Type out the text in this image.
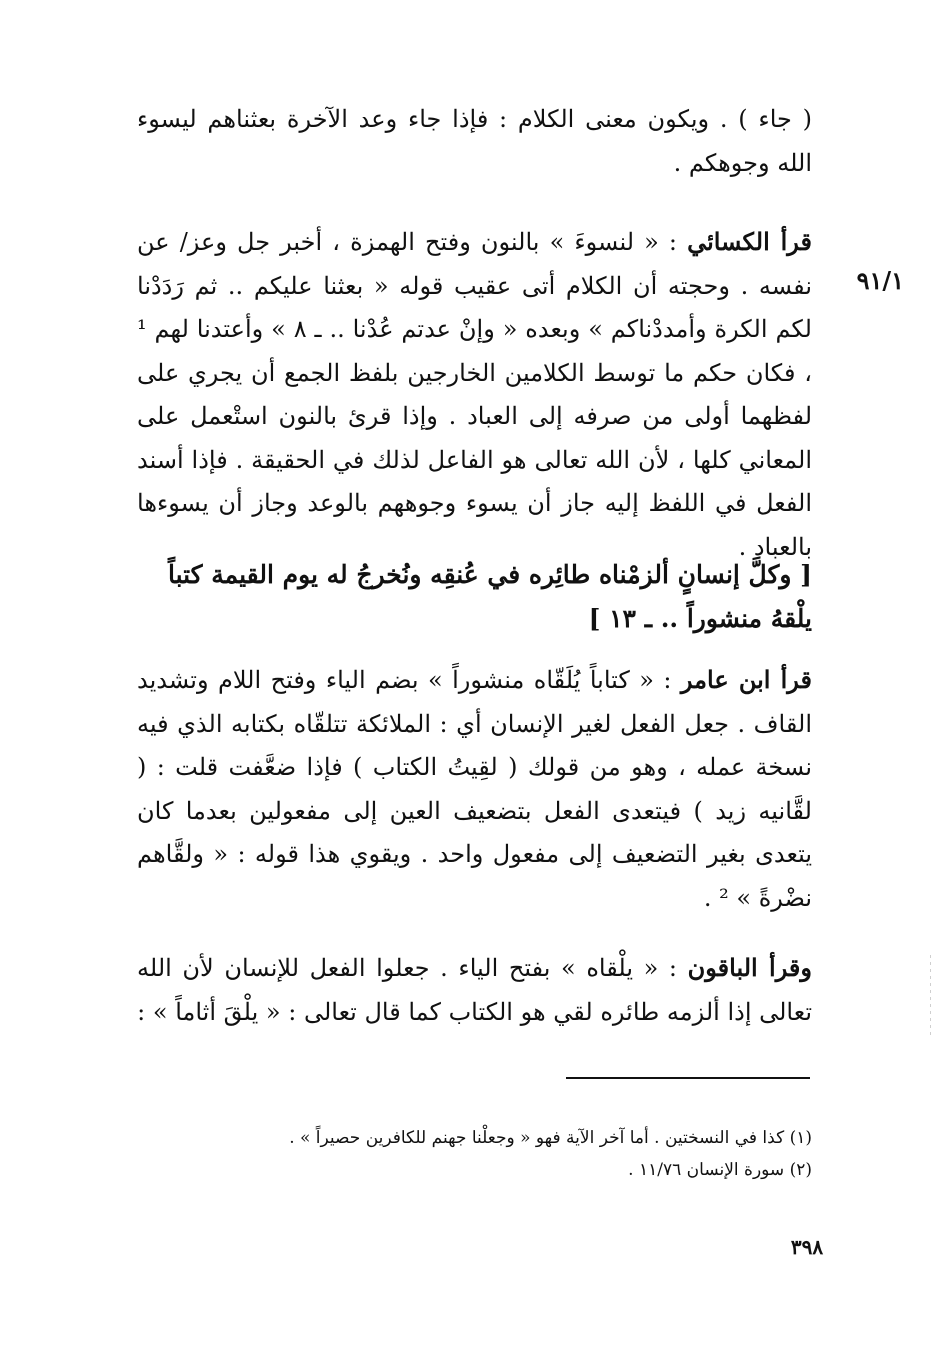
( جاء ) . ويكون معنى الكلام : فإذا جاء وعد الآخرة بعثناهم ليسوء الله وجوهكم .

٩١/١

قرأ الكسائي : « لنسوءَ » بالنون وفتح الهمزة ، أخبر جل وعز/ عن نفسه . وحجته أن الكلام أتى عقيب قوله « بعثنا عليكم .. ثم رَدَدْنا لكم الكرة وأمددْناكم » وبعده « وإنْ عدتم عُدْنا .. ـ ٨ » وأعتدنا لهم ¹ ، فكان حكم ما توسط الكلامين الخارجين بلفظ الجمع أن يجري على لفظهما أولى من صرفه إلى العباد . وإذا قرئ بالنون استْعمل على المعاني كلها ، لأن الله تعالى هو الفاعل لذلك في الحقيقة . فإذا أسند الفعل في اللفظ إليه جاز أن يسوء وجوههم بالوعد وجاز أن يسوءها بالعباد .

[ وكلَّ إنسانٍ ألزمْناه طائِره في عُنقِه ونُخرجُ له يوم القيمة كتباً يلْقهُ منشوراً .. ـ ١٣ ]

قرأ ابن عامر : « كتاباً يُلَقّاه منشوراً » بضم الياء وفتح اللام وتشديد القاف . جعل الفعل لغير الإنسان أي : الملائكة تتلقّاه بكتابه الذي فيه نسخة عمله ، وهو من قولك ( لقِيتُ الكتاب ) فإذا ضعَّفت قلت : ( لقَّانيه زيد ) فيتعدى الفعل بتضعيف العين إلى مفعولين بعدما كان يتعدى بغير التضعيف إلى مفعول واحد . ويقوي هذا قوله : « ولقَّاهم نضْرةً » ² .

وقرأ الباقون : « يلْقاه » بفتح الياء . جعلوا الفعل للإنسان لأن الله تعالى إذا ألزمه طائره لقي هو الكتاب كما قال تعالى : « يلْقَ أثاماً » :

(١) كذا في النسختين . أما آخر الآية فهو « وجعلْنا جهنم للكافرين حصيراً » .
(٢) سورة الإنسان ١١/٧٦ .
٣٩٨
